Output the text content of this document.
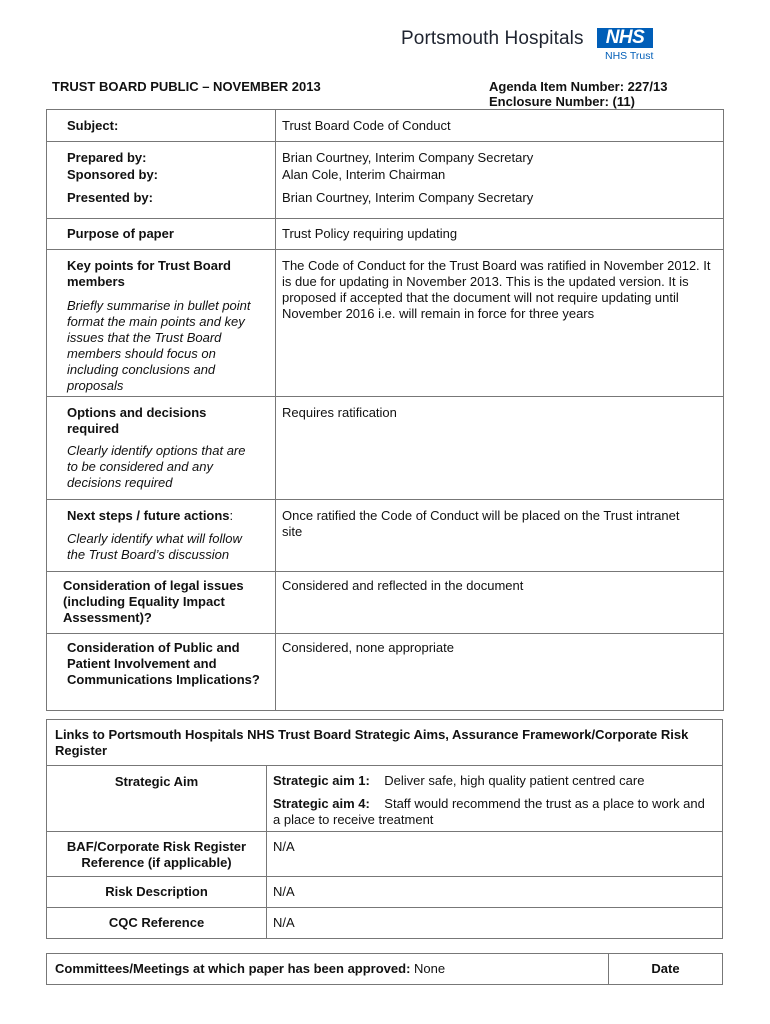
Portsmouth Hospitals	NHS
NHS Trust
TRUST BOARD PUBLIC – NOVEMBER 2013	Agenda Item Number: 227/13
Enclosure Number: (11)
Subject:	Trust Board Code of Conduct
Prepared by:	Brian Courtney, Interim Company Secretary
Sponsored by:	Alan Cole, Interim Chairman
Presented by:	Brian Courtney, Interim Company Secretary
Purpose of paper	Trust Policy requiring updating
Key points for Trust Board members
Briefly summarise in bullet point format the main points and key issues that the Trust Board members should focus on including conclusions and proposals	The Code of Conduct for the Trust Board was ratified in November 2012. It is due for updating in November 2013. This is the updated version. It is proposed if accepted that the document will not require updating until November 2016 i.e. will remain in force for three years
Options and decisions required
Clearly identify options that are to be considered and any decisions required	Requires ratification
Next steps / future actions:
Clearly identify what will follow the Trust Board’s discussion	Once ratified the Code of Conduct will be placed on the Trust intranet site
Consideration of legal issues (including Equality Impact Assessment)?	Considered and reflected in the document
Consideration of Public and Patient Involvement and Communications Implications?	Considered, none appropriate
Links to Portsmouth Hospitals NHS Trust Board Strategic Aims, Assurance Framework/Corporate Risk Register	
Strategic Aim	Strategic aim 1: Deliver safe, high quality patient centred care
Strategic aim 4: Staff would recommend the trust as a place to work and a place to receive treatment

BAF/Corporate Risk Register Reference (if applicable)	N/A
Risk Description	N/A
CQC Reference	N/A
Committees/Meetings at which paper has been approved: None	Date
